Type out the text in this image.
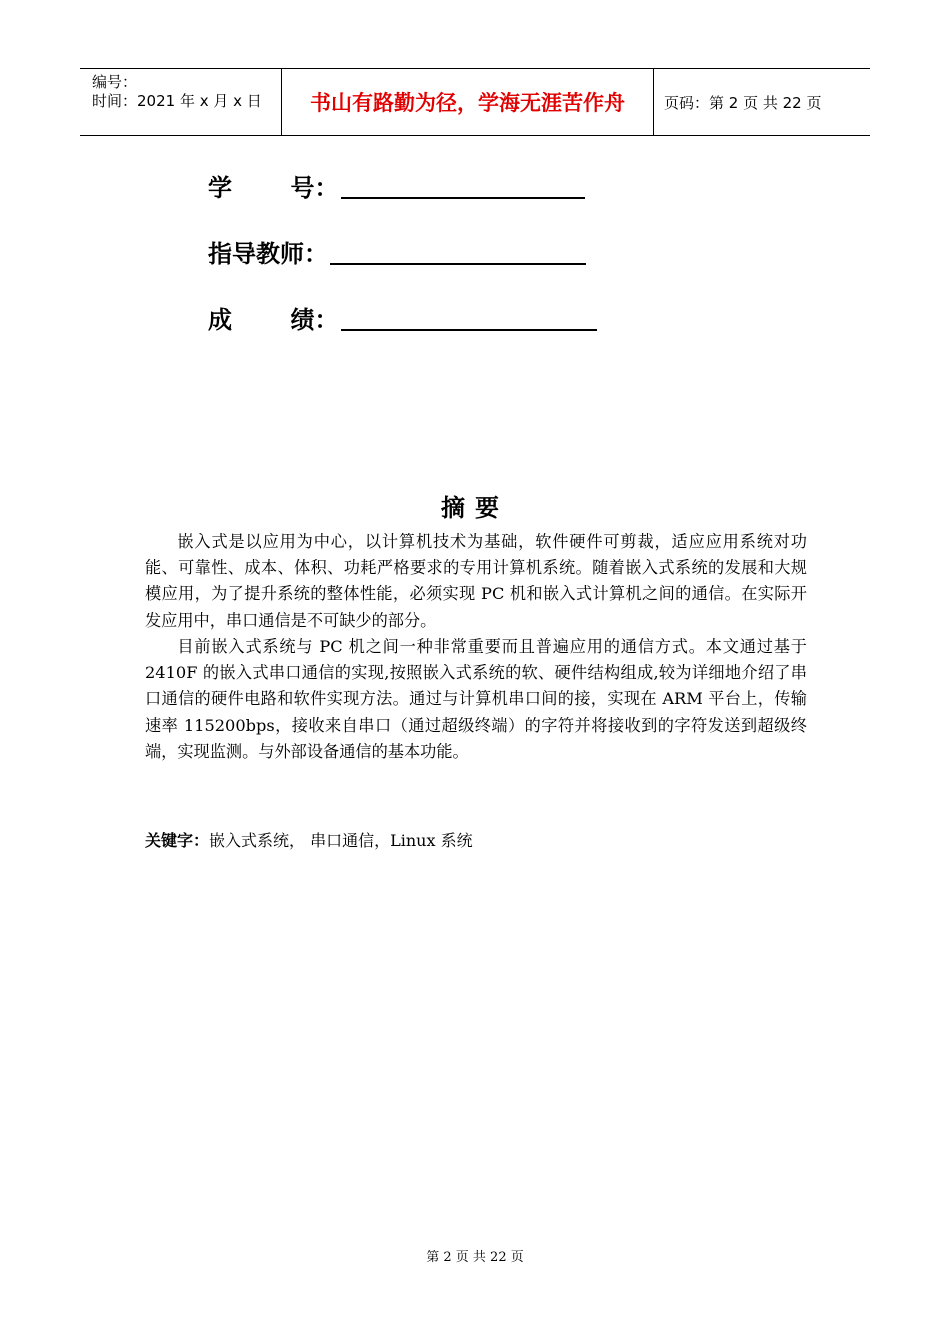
编号：
时间：2021 年 x 月 x 日	书山有路勤为径，学海无涯苦作舟	页码：第 2 页 共 22 页
学       号：
指导教师：
成       绩：
摘要

嵌入式是以应用为中心，以计算机技术为基础，软件硬件可剪裁，适应应用系统对功能、可靠性、成本、体积、功耗严格要求的专用计算机系统。随着嵌入式系统的发展和大规模应用，为了提升系统的整体性能，必须实现 PC 机和嵌入式计算机之间的通信。在实际开发应用中，串口通信是不可缺少的部分。

目前嵌入式系统与 PC 机之间一种非常重要而且普遍应用的通信方式。本文通过基于 2410F 的嵌入式串口通信的实现,按照嵌入式系统的软、硬件结构组成,较为详细地介绍了串口通信的硬件电路和软件实现方法。通过与计算机串口间的接，实现在 ARM 平台上，传输速率 115200bps，接收来自串口（通过超级终端）的字符并将接收到的字符发送到超级终端，实现监测。与外部设备通信的基本功能。

关键字：嵌入式系统， 串口通信，Linux 系统
第 2 页 共 22 页
